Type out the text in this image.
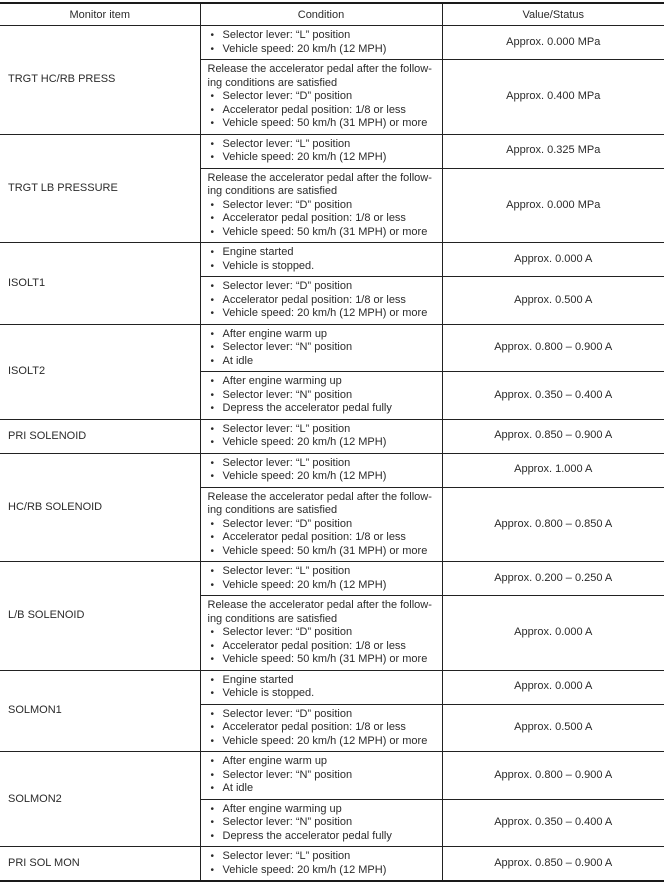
Monitor item	Condition	Value/Status
TRGT HC/RB PRESS	• Selector lever: “L” position
• Vehicle speed: 20 km/h (12 MPH)	Approx. 0.000 MPa

	Release the accelerator pedal after the follow-
ing conditions are satisfied
• Selector lever: “D” position
• Accelerator pedal position: 1/8 or less
• Vehicle speed: 50 km/h (31 MPH) or more	Approx. 0.400 MPa
TRGT LB PRESSURE	• Selector lever: “L” position
• Vehicle speed: 20 km/h (12 MPH)	Approx. 0.325 MPa

	Release the accelerator pedal after the follow-
ing conditions are satisfied
• Selector lever: “D” position
• Accelerator pedal position: 1/8 or less
• Vehicle speed: 50 km/h (31 MPH) or more	Approx. 0.000 MPa
ISOLT1	• Engine started
• Vehicle is stopped.	Approx. 0.000 A

	• Selector lever: “D” position
• Accelerator pedal position: 1/8 or less
• Vehicle speed: 20 km/h (12 MPH) or more	Approx. 0.500 A
ISOLT2	• After engine warm up
• Selector lever: “N” position
• At idle	Approx. 0.800 – 0.900 A

	• After engine warming up
• Selector lever: “N” position
• Depress the accelerator pedal fully	Approx. 0.350 – 0.400 A
PRI SOLENOID	• Selector lever: “L” position
• Vehicle speed: 20 km/h (12 MPH)	Approx. 0.850 – 0.900 A
HC/RB SOLENOID	• Selector lever: “L” position
• Vehicle speed: 20 km/h (12 MPH)	Approx. 1.000 A

	Release the accelerator pedal after the follow-
ing conditions are satisfied
• Selector lever: “D” position
• Accelerator pedal position: 1/8 or less
• Vehicle speed: 50 km/h (31 MPH) or more	Approx. 0.800 – 0.850 A
L/B SOLENOID	• Selector lever: “L” position
• Vehicle speed: 20 km/h (12 MPH)	Approx. 0.200 – 0.250 A

	Release the accelerator pedal after the follow-
ing conditions are satisfied
• Selector lever: “D” position
• Accelerator pedal position: 1/8 or less
• Vehicle speed: 50 km/h (31 MPH) or more	Approx. 0.000 A
SOLMON1	• Engine started
• Vehicle is stopped.	Approx. 0.000 A

	• Selector lever: “D” position
• Accelerator pedal position: 1/8 or less
• Vehicle speed: 20 km/h (12 MPH) or more	Approx. 0.500 A
SOLMON2	• After engine warm up
• Selector lever: “N” position
• At idle	Approx. 0.800 – 0.900 A

	• After engine warming up
• Selector lever: “N” position
• Depress the accelerator pedal fully	Approx. 0.350 – 0.400 A
PRI SOL MON	• Selector lever: “L” position
• Vehicle speed: 20 km/h (12 MPH)	Approx. 0.850 – 0.900 A
